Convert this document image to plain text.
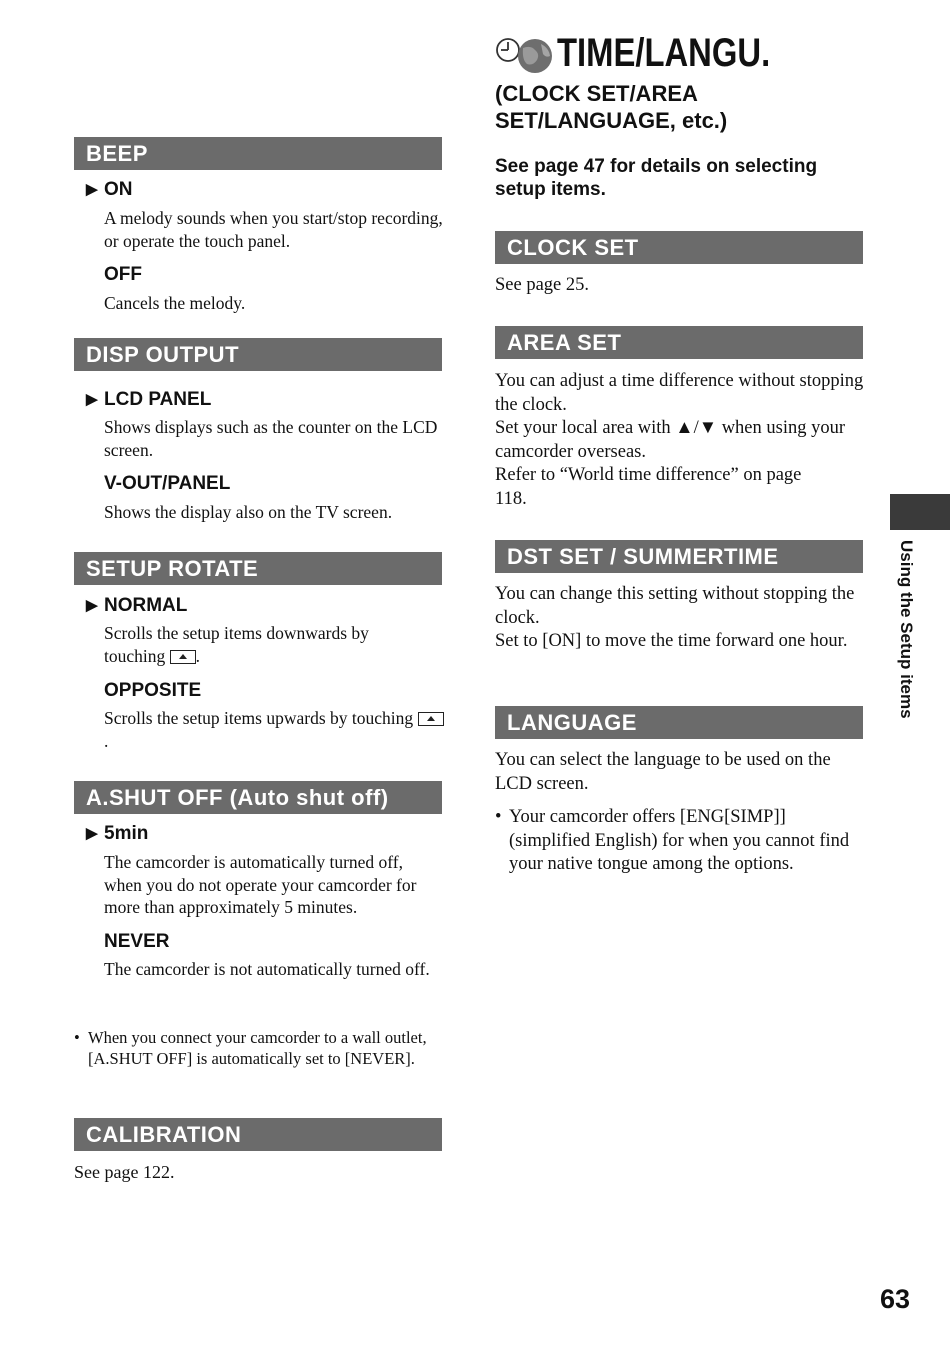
BEEP
▶ ON
A melody sounds when you start/stop recording, or operate the touch panel.
OFF
Cancels the melody.
DISP OUTPUT
▶ LCD PANEL
Shows displays such as the counter on the LCD screen.
V-OUT/PANEL
Shows the display also on the TV screen.
SETUP ROTATE
▶ NORMAL
Scrolls the setup items downwards by touching .
OPPOSITE
Scrolls the setup items upwards by touching .
A.SHUT OFF (Auto shut off)
▶ 5min
The camcorder is automatically turned off, when you do not operate your camcorder for more than approximately 5 minutes.
NEVER
The camcorder is not automatically turned off.
• When you connect your camcorder to a wall outlet, [A.SHUT OFF] is automatically set to [NEVER].
CALIBRATION
See page 122.
TIME/LANGU.
(CLOCK SET/AREA SET/LANGUAGE, etc.)
See page 47 for details on selecting setup items.
CLOCK SET
See page 25.
AREA SET
You can adjust a time difference without stopping the clock.
Set your local area with ▲/▼ when using your camcorder overseas.
Refer to “World time difference” on page 118.
DST SET / SUMMERTIME
You can change this setting without stopping the clock.
Set to [ON] to move the time forward one hour.
LANGUAGE
You can select the language to be used on the LCD screen.
• Your camcorder offers [ENG[SIMP]] (simplified English) for when you cannot find your native tongue among the options.
Using the Setup items
63
